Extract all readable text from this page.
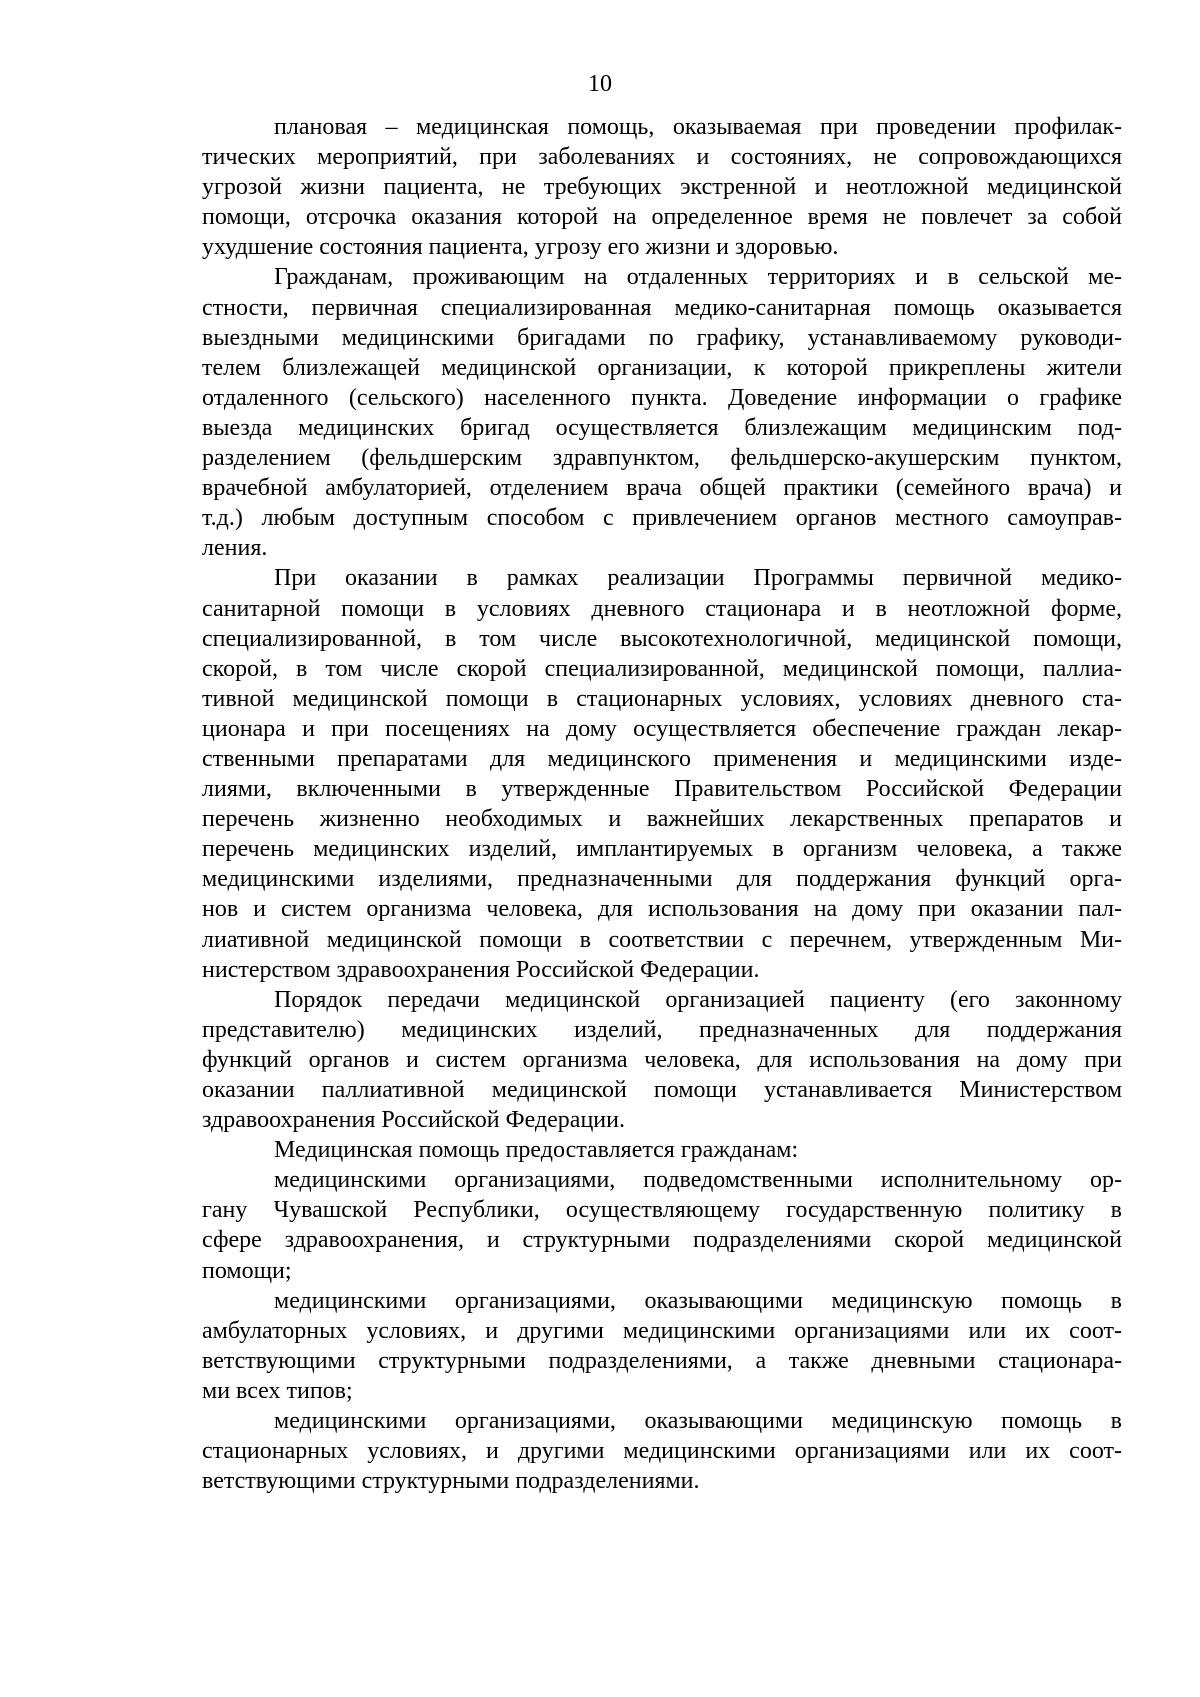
10
плановая – медицинская помощь, оказываемая при проведении профилак-
тических мероприятий, при заболеваниях и состояниях, не сопровождающихся
угрозой жизни пациента, не требующих экстренной и неотложной медицинской
помощи, отсрочка оказания которой на определенное время не повлечет за собой
ухудшение состояния пациента, угрозу его жизни и здоровью.
Гражданам, проживающим на отдаленных территориях и в сельской ме-
стности, первичная специализированная медико-санитарная помощь оказывается
выездными медицинскими бригадами по графику, устанавливаемому руководи-
телем близлежащей медицинской организации, к которой прикреплены жители
отдаленного (сельского) населенного пункта. Доведение информации о графике
выезда медицинских бригад осуществляется близлежащим медицинским под-
разделением (фельдшерским здравпунктом, фельдшерско-акушерским пунктом,
врачебной амбулаторией, отделением врача общей практики (семейного врача) и
т.д.) любым доступным способом с привлечением органов местного самоуправ-
ления.
При оказании в рамках реализации Программы первичной медико-
санитарной помощи в условиях дневного стационара и в неотложной форме,
специализированной, в том числе высокотехнологичной, медицинской помощи,
скорой, в том числе скорой специализированной, медицинской помощи, паллиа-
тивной медицинской помощи в стационарных условиях, условиях дневного ста-
ционара и при посещениях на дому осуществляется обеспечение граждан лекар-
ственными препаратами для медицинского применения и медицинскими изде-
лиями, включенными в утвержденные Правительством Российской Федерации
перечень жизненно необходимых и важнейших лекарственных препаратов и
перечень медицинских изделий, имплантируемых в организм человека, а также
медицинскими изделиями, предназначенными для поддержания функций орга-
нов и систем организма человека, для использования на дому при оказании пал-
лиативной медицинской помощи в соответствии с перечнем, утвержденным Ми-
нистерством здравоохранения Российской Федерации.
Порядок передачи медицинской организацией пациенту (его законному
представителю) медицинских изделий, предназначенных для поддержания
функций органов и систем организма человека, для использования на дому при
оказании паллиативной медицинской помощи устанавливается Министерством
здравоохранения Российской Федерации.
Медицинская помощь предоставляется гражданам:
медицинскими организациями, подведомственными исполнительному ор-
гану Чувашской Республики, осуществляющему государственную политику в
сфере здравоохранения, и структурными подразделениями скорой медицинской
помощи;
медицинскими организациями, оказывающими медицинскую помощь в
амбулаторных условиях, и другими медицинскими организациями или их соот-
ветствующими структурными подразделениями, а также дневными стационара-
ми всех типов;
медицинскими организациями, оказывающими медицинскую помощь в
стационарных условиях, и другими медицинскими организациями или их соот-
ветствующими структурными подразделениями.
